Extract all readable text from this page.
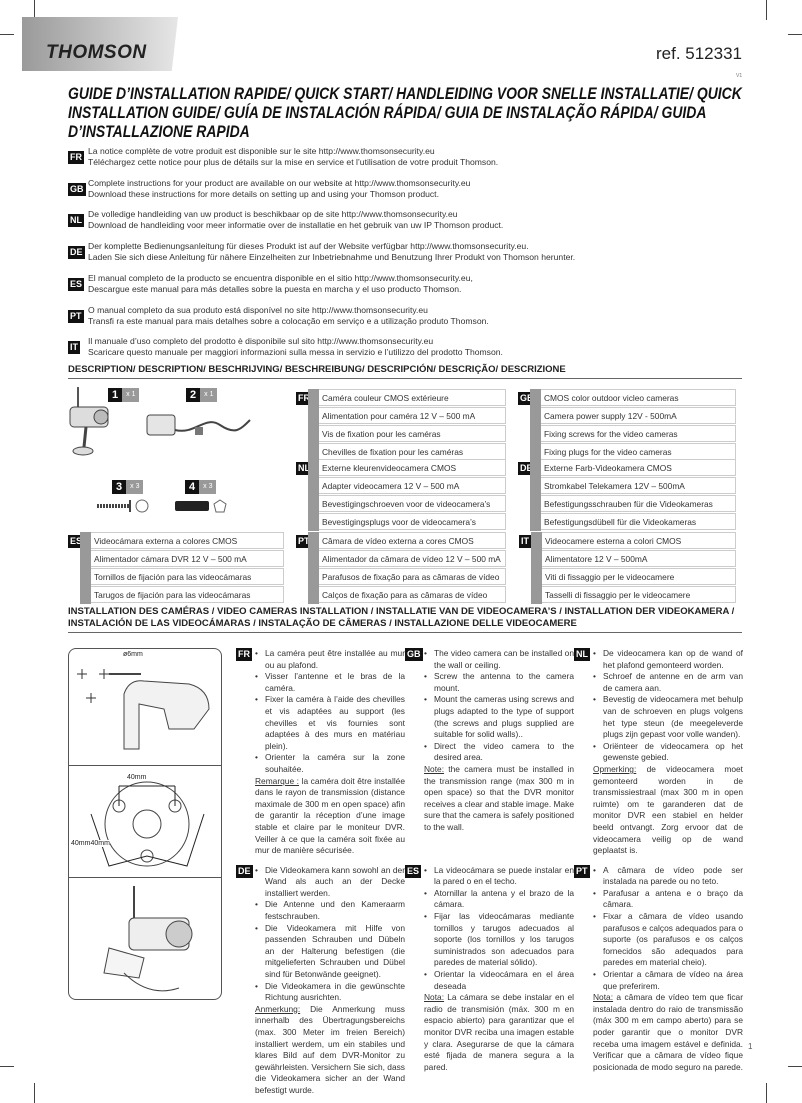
THOMSON	ref. 512331
V1
GUIDE D’INSTALLATION RAPIDE/ QUICK START/ HANDLEIDING VOOR SNELLE INSTALLATIE/ QUICK INSTALLATION GUIDE/ GUÍA DE INSTALACIÓN RÁPIDA/ GUIA DE INSTALAÇÃO RÁPIDA/ GUIDA D’INSTALLAZIONE RAPIDA
FR
La notice complète de votre produit est disponible sur le site http://www.thomsonsecurity.eu
Téléchargez cette notice pour plus de détails sur la mise en service et l’utilisation de votre produit Thomson.
GB
Complete instructions for your product are available on our website at http://www.thomsonsecurity.eu
Download these instructions for more details on setting up and using your Thomson product.
NL
De volledige handleiding van uw product is beschikbaar op de site http://www.thomsonsecurity.eu
Download de handleiding voor meer informatie over de installatie en het gebruik van uw IP Thomson product.
DE
Der komplette Bedienungsanleitung für dieses Produkt ist auf der Website verfügbar http://www.thomsonsecurity.eu.
Laden Sie sich diese Anleitung für nähere Einzelheiten zur Inbetriebnahme und Benutzung Ihrer Produkt von Thomson herunter.
ES
El manual completo de la producto se encuentra disponible en el sitio http://www.thomsonsecurity.eu,
Descargue este manual para más detalles sobre la puesta en marcha y el uso producto Thomson.
PT
O manual completo da sua produto está disponível no site http://www.thomsonsecurity.eu
Transfi ra este manual para mais detalhes sobre a colocação em serviço e a utilização produto Thomson.
IT
Il manuale d’uso completo del prodotto è disponibile sul sito http://www.thomsonsecurity.eu
Scaricare questo manuale per maggiori informazioni sulla messa in servizio e l’utilizzo del prodotto Thomson.
DESCRIPTION/ DESCRIPTION/ BESCHRIJVING/ BESCHREIBUNG/ DESCRIPCIÓN/ DESCRIÇÃO/ DESCRIZIONE
1 x 1	2 x 1
3 x 3	4 x 3
FR	Caméra couleur CMOS extérieure
Alimentation pour caméra 12 V – 500 mA
Vis de fixation pour les caméras
Chevilles de fixation pour les caméras
GB	CMOS color outdoor vicleo cameras
Camera power supply 12V - 500mA
Fixing screws for the video cameras
Fixing plugs for the video cameras
NL	Externe kleurenvideocamera CMOS
Adapter videocamera 12 V – 500 mA
Bevestigingschroeven voor de videocamera’s
Bevestigingsplugs voor de videocamera’s
DE	Externe Farb-Videokamera CMOS
Stromkabel Telekamera 12V – 500mA
Befestigungsschrauben für die Videokameras
Befestigungsdübell für die Videokameras
ES	Videocámara externa a colores CMOS
Alimentador cámara DVR 12 V – 500 mA
Tornillos de fijación para las videocámaras
Tarugos de fijación para las videocámaras
PT	Câmara de vídeo externa a cores CMOS
Alimentador da câmara de vídeo 12 V – 500 mA
Parafusos de fixação para as câmaras de vídeo
Calços de fixação para as câmaras de vídeo
IT	Videocamere esterna a colori CMOS
Alimentatore 12 V – 500mA
Viti di fissaggio per le videocamere
Tasselli di fissaggio per le videocamere
INSTALLATION DES CAMÉRAS / VIDEO CAMERAS INSTALLATION / INSTALLATIE VAN DE VIDEOCAMERA’S / INSTALLATION DER VIDEOKAMERA / INSTALACIÓN DE LAS VIDEOCÁMARAS / INSTALAÇÃO DE CÂMERAS / INSTALLAZIONE DELLE VIDEOCAMERE
ø6mm
40mm
40mm40mm
FR	• La caméra peut être installée au mur ou au plafond.
• Visser l’antenne et le bras de la caméra.
• Fixer la caméra à l’aide des chevilles et vis adaptées au support (les chevilles et vis fournies sont adaptées à des murs en matériau plein).
• Orienter la caméra sur la zone souhaitée.
Remarque : la caméra doit être installée dans le rayon de transmission (distance maximale de 300 m en open space) afin de garantir la réception d’une image stable et claire par le moniteur DVR. Veiller à ce que la caméra soit fixée au mur de manière sécurisée.
GB	• The video camera can be installed on the wall or ceiling.
• Screw the antenna to the camera mount.
• Mount the cameras using screws and plugs adapted to the type of support (the screws and plugs supplied are suitable for solid walls)..
• Direct the video camera to the desired area.
Note: the camera must be installed in the transmission range (max 300 m in open space) so that the DVR monitor receives a clear and stable image. Make sure that the camera is safely positioned to the wall.
NL	• De videocamera kan op de wand of het plafond gemonteerd worden.
• Schroef de antenne en de arm van de camera aan.
• Bevestig de videocamera met behulp van de schroeven en plugs volgens het type steun (de meegeleverde plugs zijn gepast voor volle wanden).
• Oriënteer de videocamera op het gewenste gebied.
Opmerking: de videocamera moet gemonteerd worden in de transmissiestraal (max 300 m in open ruimte) om te garanderen dat de monitor DVR een stabiel en helder beeld ontvangt. Zorg ervoor dat de videocamera veilig op de wand geplaatst is.
DE	• Die Videokamera kann sowohl an der Wand als auch an der Decke installiert werden.
• Die Antenne und den Kameraarm festschrauben.
• Die Videokamera mit Hilfe von passenden Schrauben und Dübeln an der Halterung befestigen (die mitgelieferten Schrauben und Dübel sind für Betonwände geeignet).
• Die Videokamera in die gewünschte Richtung ausrichten.
Anmerkung: Die Anmerkung muss innerhalb des Übertragungsbereichs (max. 300 Meter im freien Bereich) installiert werdem, um ein stabiles und klares Bild auf dem DVR-Monitor zu gewährleisten. Versichern Sie sich, dass die Videokamera sicher an der Wand befestigt wurde.
ES	• La videocámara se puede instalar en la pared o en el techo.
• Atornillar la antena y el brazo de la cámara.
• Fijar las videocámaras mediante tornillos y tarugos adecuados al soporte (los tornillos y los tarugos suministrados son adecuados para paredes de material sólido).
• Orientar la videocámara en el área deseada
Nota: La cámara se debe instalar en el radio de transmisión (máx. 300 m en espacio abierto) para garantizar que el monitor DVR reciba una imagen estable y clara. Asegurarse de que la cámara esté fijada de manera segura a la pared.
PT	• A câmara de vídeo pode ser instalada na parede ou no teto.
• Parafusar a antena e o braço da câmara.
• Fixar a câmara de vídeo usando parafusos e calços adequados para o suporte (os parafusos e os calços fornecidos são adequados para paredes em material cheio).
• Orientar a câmara de vídeo na área que preferirem.
Nota: a câmara de vídeo tem que ficar instalada dentro do raio de transmissão (máx 300 m em campo aberto) para se poder garantir que o monitor DVR receba uma imagem estável e definida. Verificar que a câmara de vídeo fique posicionada de modo seguro na parede.
1
